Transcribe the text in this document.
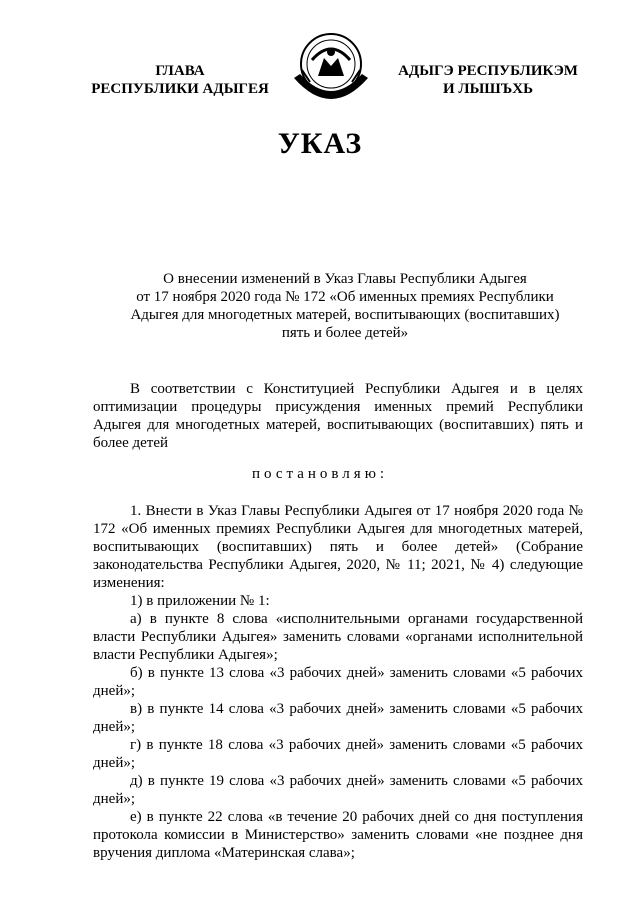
ГЛАВА
РЕСПУБЛИКИ АДЫГЕЯ
АДЫГЭ РЕСПУБЛИКЭМ
И ЛЫШЪХЬ
УКАЗ
О внесении изменений в Указ Главы Республики Адыгея
от 17 ноября 2020 года № 172 «Об именных премиях Республики
Адыгея для многодетных матерей, воспитывающих (воспитавших)
пять и более детей»

В соответствии с Конституцией Республики Адыгея и в целях оптимизации процедуры присуждения именных премий Республики Адыгея для многодетных матерей, воспитывающих (воспитавших) пять и более детей

постановляю:

1. Внести в Указ Главы Республики Адыгея от 17 ноября 2020 года № 172 «Об именных премиях Республики Адыгея для многодетных матерей, воспитывающих (воспитавших) пять и более детей» (Собрание законодательства Республики Адыгея, 2020, № 11; 2021, № 4) следующие изменения:

1) в приложении № 1:

а) в пункте 8 слова «исполнительными органами государственной власти Республики Адыгея» заменить словами «органами исполнительной власти Республики Адыгея»;

б) в пункте 13 слова «3 рабочих дней» заменить словами «5 рабочих дней»;

в) в пункте 14 слова «3 рабочих дней» заменить словами «5 рабочих дней»;

г) в пункте 18 слова «3 рабочих дней» заменить словами «5 рабочих дней»;

д) в пункте 19 слова «3 рабочих дней» заменить словами «5 рабочих дней»;

е) в пункте 22 слова «в течение 20 рабочих дней со дня поступления протокола комиссии в Министерство» заменить словами «не позднее дня вручения диплома «Материнская слава»;
